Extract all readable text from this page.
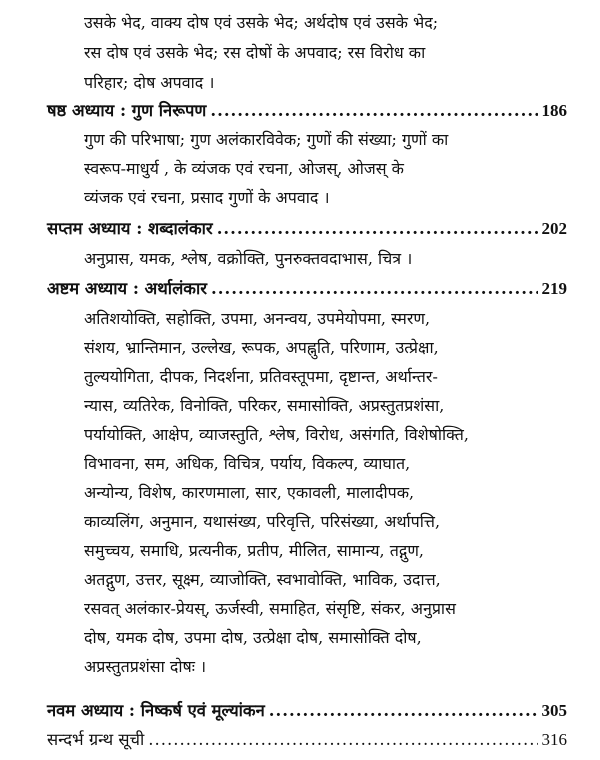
उसके भेद, वाक्य दोष एवं उसके भेद; अर्थदोष एवं उसके भेद;
रस दोष एवं उसके भेद; रस दोषों के अपवाद; रस विरोध का
परिहार; दोष अपवाद ।
षष्ठ अध्याय : गुण निरूपण .....	186
गुण की परिभाषा; गुण अलंकारविवेक; गुणों की संख्या; गुणों का
स्वरूप-माधुर्य , के व्यंजक एवं रचना, ओजस्, ओजस् के
व्यंजक एवं रचना, प्रसाद गुणों के अपवाद ।
सप्तम अध्याय : शब्दालंकार .....	202
अनुप्रास, यमक, श्लेष, वक्रोक्ति, पुनरुक्तवदाभास, चित्र ।
अष्टम अध्याय : अर्थालंकार .....	219
अतिशयोक्ति, सहोक्ति, उपमा, अनन्वय, उपमेयोपमा, स्मरण,
संशय, भ्रान्तिमान, उल्लेख, रूपक, अपह्नुति, परिणाम, उत्प्रेक्षा,
तुल्ययोगिता, दीपक, निदर्शना, प्रतिवस्तूपमा, दृष्टान्त, अर्थान्तर-
न्यास, व्यतिरेक, विनोक्ति, परिकर, समासोक्ति, अप्रस्तुतप्रशंसा,
पर्यायोक्ति, आक्षेप, व्याजस्तुति, श्लेष, विरोध, असंगति, विशेषोक्ति,
विभावना, सम, अधिक, विचित्र, पर्याय, विकल्प, व्याघात,
अन्योन्य, विशेष, कारणमाला, सार, एकावली, मालादीपक,
काव्यलिंग, अनुमान, यथासंख्य, परिवृत्ति, परिसंख्या, अर्थापत्ति,
समुच्चय, समाधि, प्रत्यनीक, प्रतीप, मीलित, सामान्य, तद्गुण,
अतद्गुण, उत्तर, सूक्ष्म, व्याजोक्ति, स्वभावोक्ति, भाविक, उदात्त,
रसवत् अलंकार-प्रेयस्, ऊर्जस्वी, समाहित, संसृष्टि, संकर, अनुप्रास
दोष, यमक दोष, उपमा दोष, उत्प्रेक्षा दोष, समासोक्ति दोष,
अप्रस्तुतप्रशंसा दोषः ।
नवम अध्याय : निष्कर्ष एवं मूल्यांकन .....	305
सन्दर्भ ग्रन्थ सूची .....	316
